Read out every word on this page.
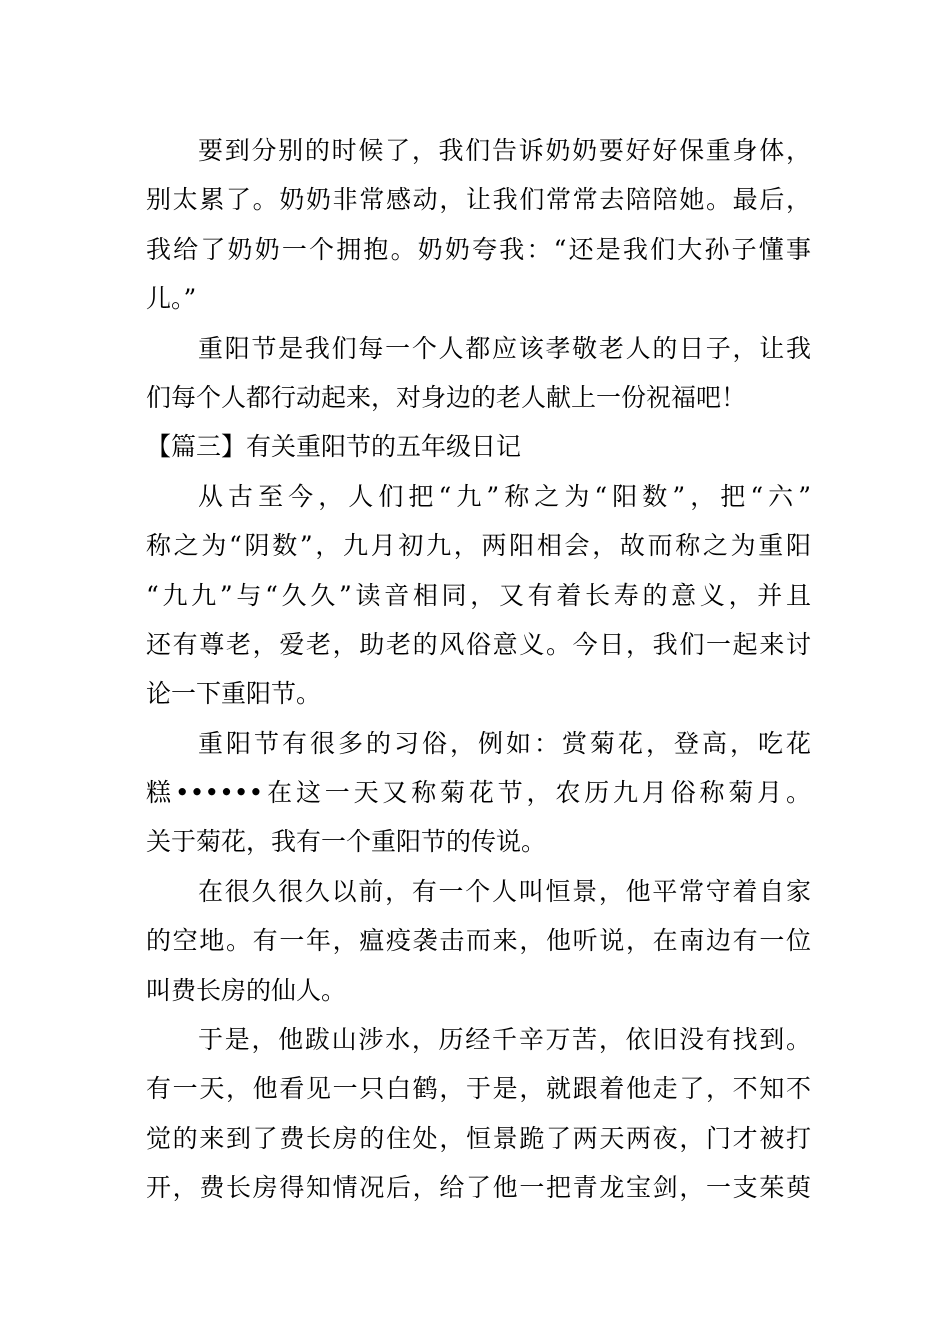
要到分别的时候了，我们告诉奶奶要好好保重身体，
别太累了。奶奶非常感动，让我们常常去陪陪她。最后，
我给了奶奶一个拥抱。奶奶夸我：“还是我们大孙子懂事
儿。”
重阳节是我们每一个人都应该孝敬老人的日子，让我
们每个人都行动起来，对身边的老人献上一份祝福吧！
【篇三】有关重阳节的五年级日记
从古至今，人们把“九”称之为“阳数”，把“六”
称之为“阴数”，九月初九，两阳相会，故而称之为重阳
“九九”与“久久”读音相同，又有着长寿的意义，并且
还有尊老，爱老，助老的风俗意义。今日，我们一起来讨
论一下重阳节。
重阳节有很多的习俗，例如：赏菊花，登高，吃花
糕••••••在这一天又称菊花节，农历九月俗称菊月。
关于菊花，我有一个重阳节的传说。
在很久很久以前，有一个人叫恒景，他平常守着自家
的空地。有一年，瘟疫袭击而来，他听说，在南边有一位
叫费长房的仙人。
于是，他跋山涉水，历经千辛万苦，依旧没有找到。
有一天，他看见一只白鹤，于是，就跟着他走了，不知不
觉的来到了费长房的住处，恒景跪了两天两夜，门才被打
开，费长房得知情况后，给了他一把青龙宝剑，一支茱萸
